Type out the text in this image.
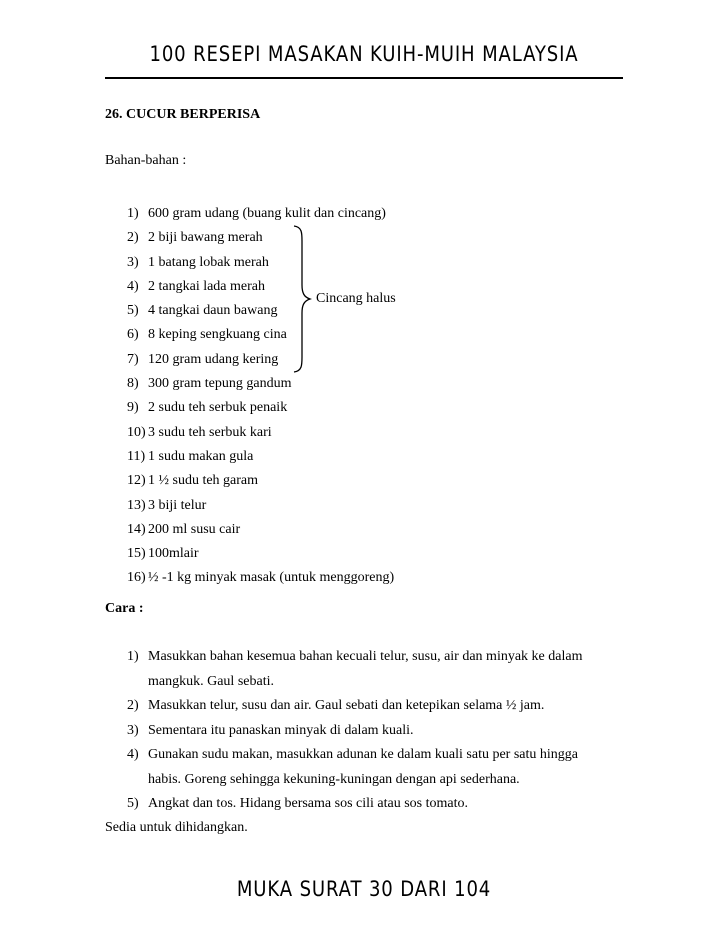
100 RESEPI MASAKAN KUIH-MUIH MALAYSIA
26. CUCUR BERPERISA
Bahan-bahan :
1) 600 gram udang (buang kulit dan cincang)
2) 2 biji bawang merah
3) 1 batang lobak merah
4) 2 tangkai lada merah
5) 4 tangkai daun bawang
6) 8 keping sengkuang cina
7) 120 gram udang kering
8) 300 gram tepung gandum
9) 2 sudu teh serbuk penaik
10) 3 sudu teh serbuk kari
11) 1 sudu makan gula
12) 1 ½ sudu teh garam
13) 3 biji telur
14) 200 ml susu cair
15) 100mlair
16) ½ -1 kg minyak masak (untuk menggoreng)
Cincang halus
Cara :
1) Masukkan bahan kesemua bahan kecuali telur, susu, air dan minyak ke dalam mangkuk. Gaul sebati.
2) Masukkan telur, susu dan air. Gaul sebati dan ketepikan selama ½ jam.
3) Sementara itu panaskan minyak di dalam kuali.
4) Gunakan sudu makan, masukkan adunan ke dalam kuali satu per satu hingga habis. Goreng sehingga kekuning-kuningan dengan api sederhana.
5) Angkat dan tos. Hidang bersama sos cili atau sos tomato.
Sedia untuk dihidangkan.
MUKA SURAT 30 DARI 104
